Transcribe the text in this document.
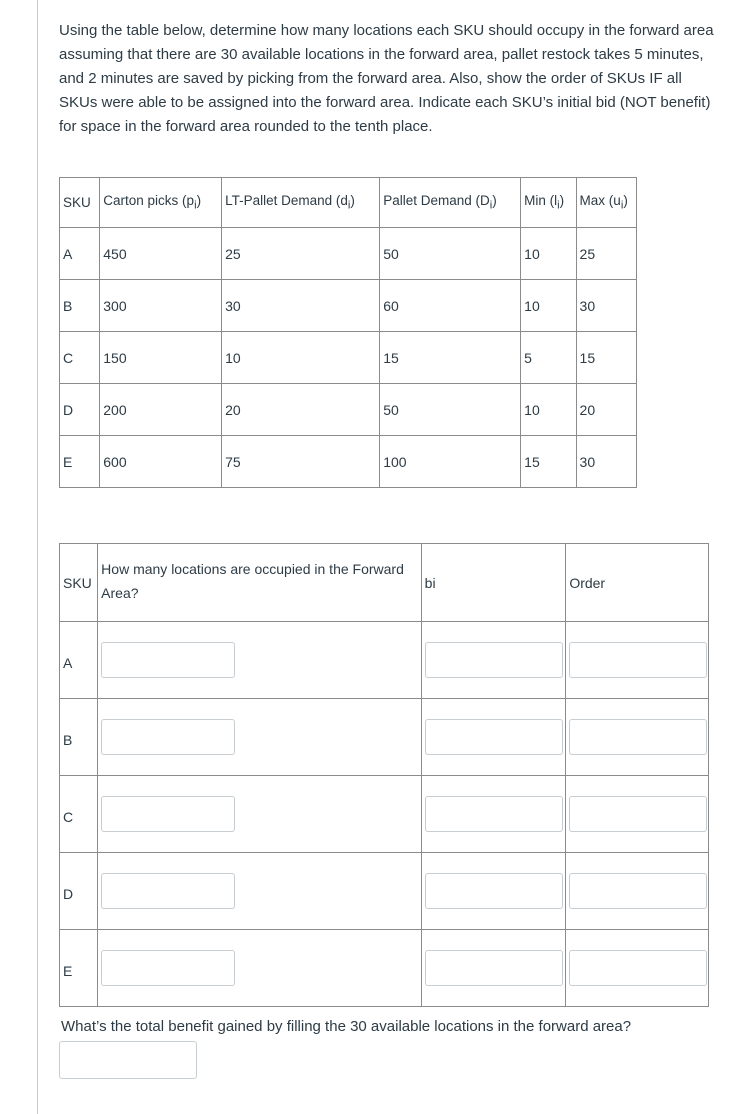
Using the table below, determine how many locations each SKU should occupy in the forward area assuming that there are 30 available locations in the forward area, pallet restock takes 5 minutes, and 2 minutes are saved by picking from the forward area. Also, show the order of SKUs IF all SKUs were able to be assigned into the forward area. Indicate each SKU’s initial bid (NOT benefit) for space in the forward area rounded to the tenth place.

SKU	Carton picks $(p_i)$	LT-Pallet Demand $(d_i)$	Pallet Demand $(D_i)$	Min $(l_i)$	Max $(u_i)$
A	450	25	50	10	25
B	300	30	60	10	30
C	150	10	15	5	15
D	200	20	50	10	20
E	600	75	100	15	30
SKU	How many locations are occupied in the Forward Area?	bi	Order
A	

B	

C	

D	

E	

What’s the total benefit gained by filling the 30 available locations in the forward area?
